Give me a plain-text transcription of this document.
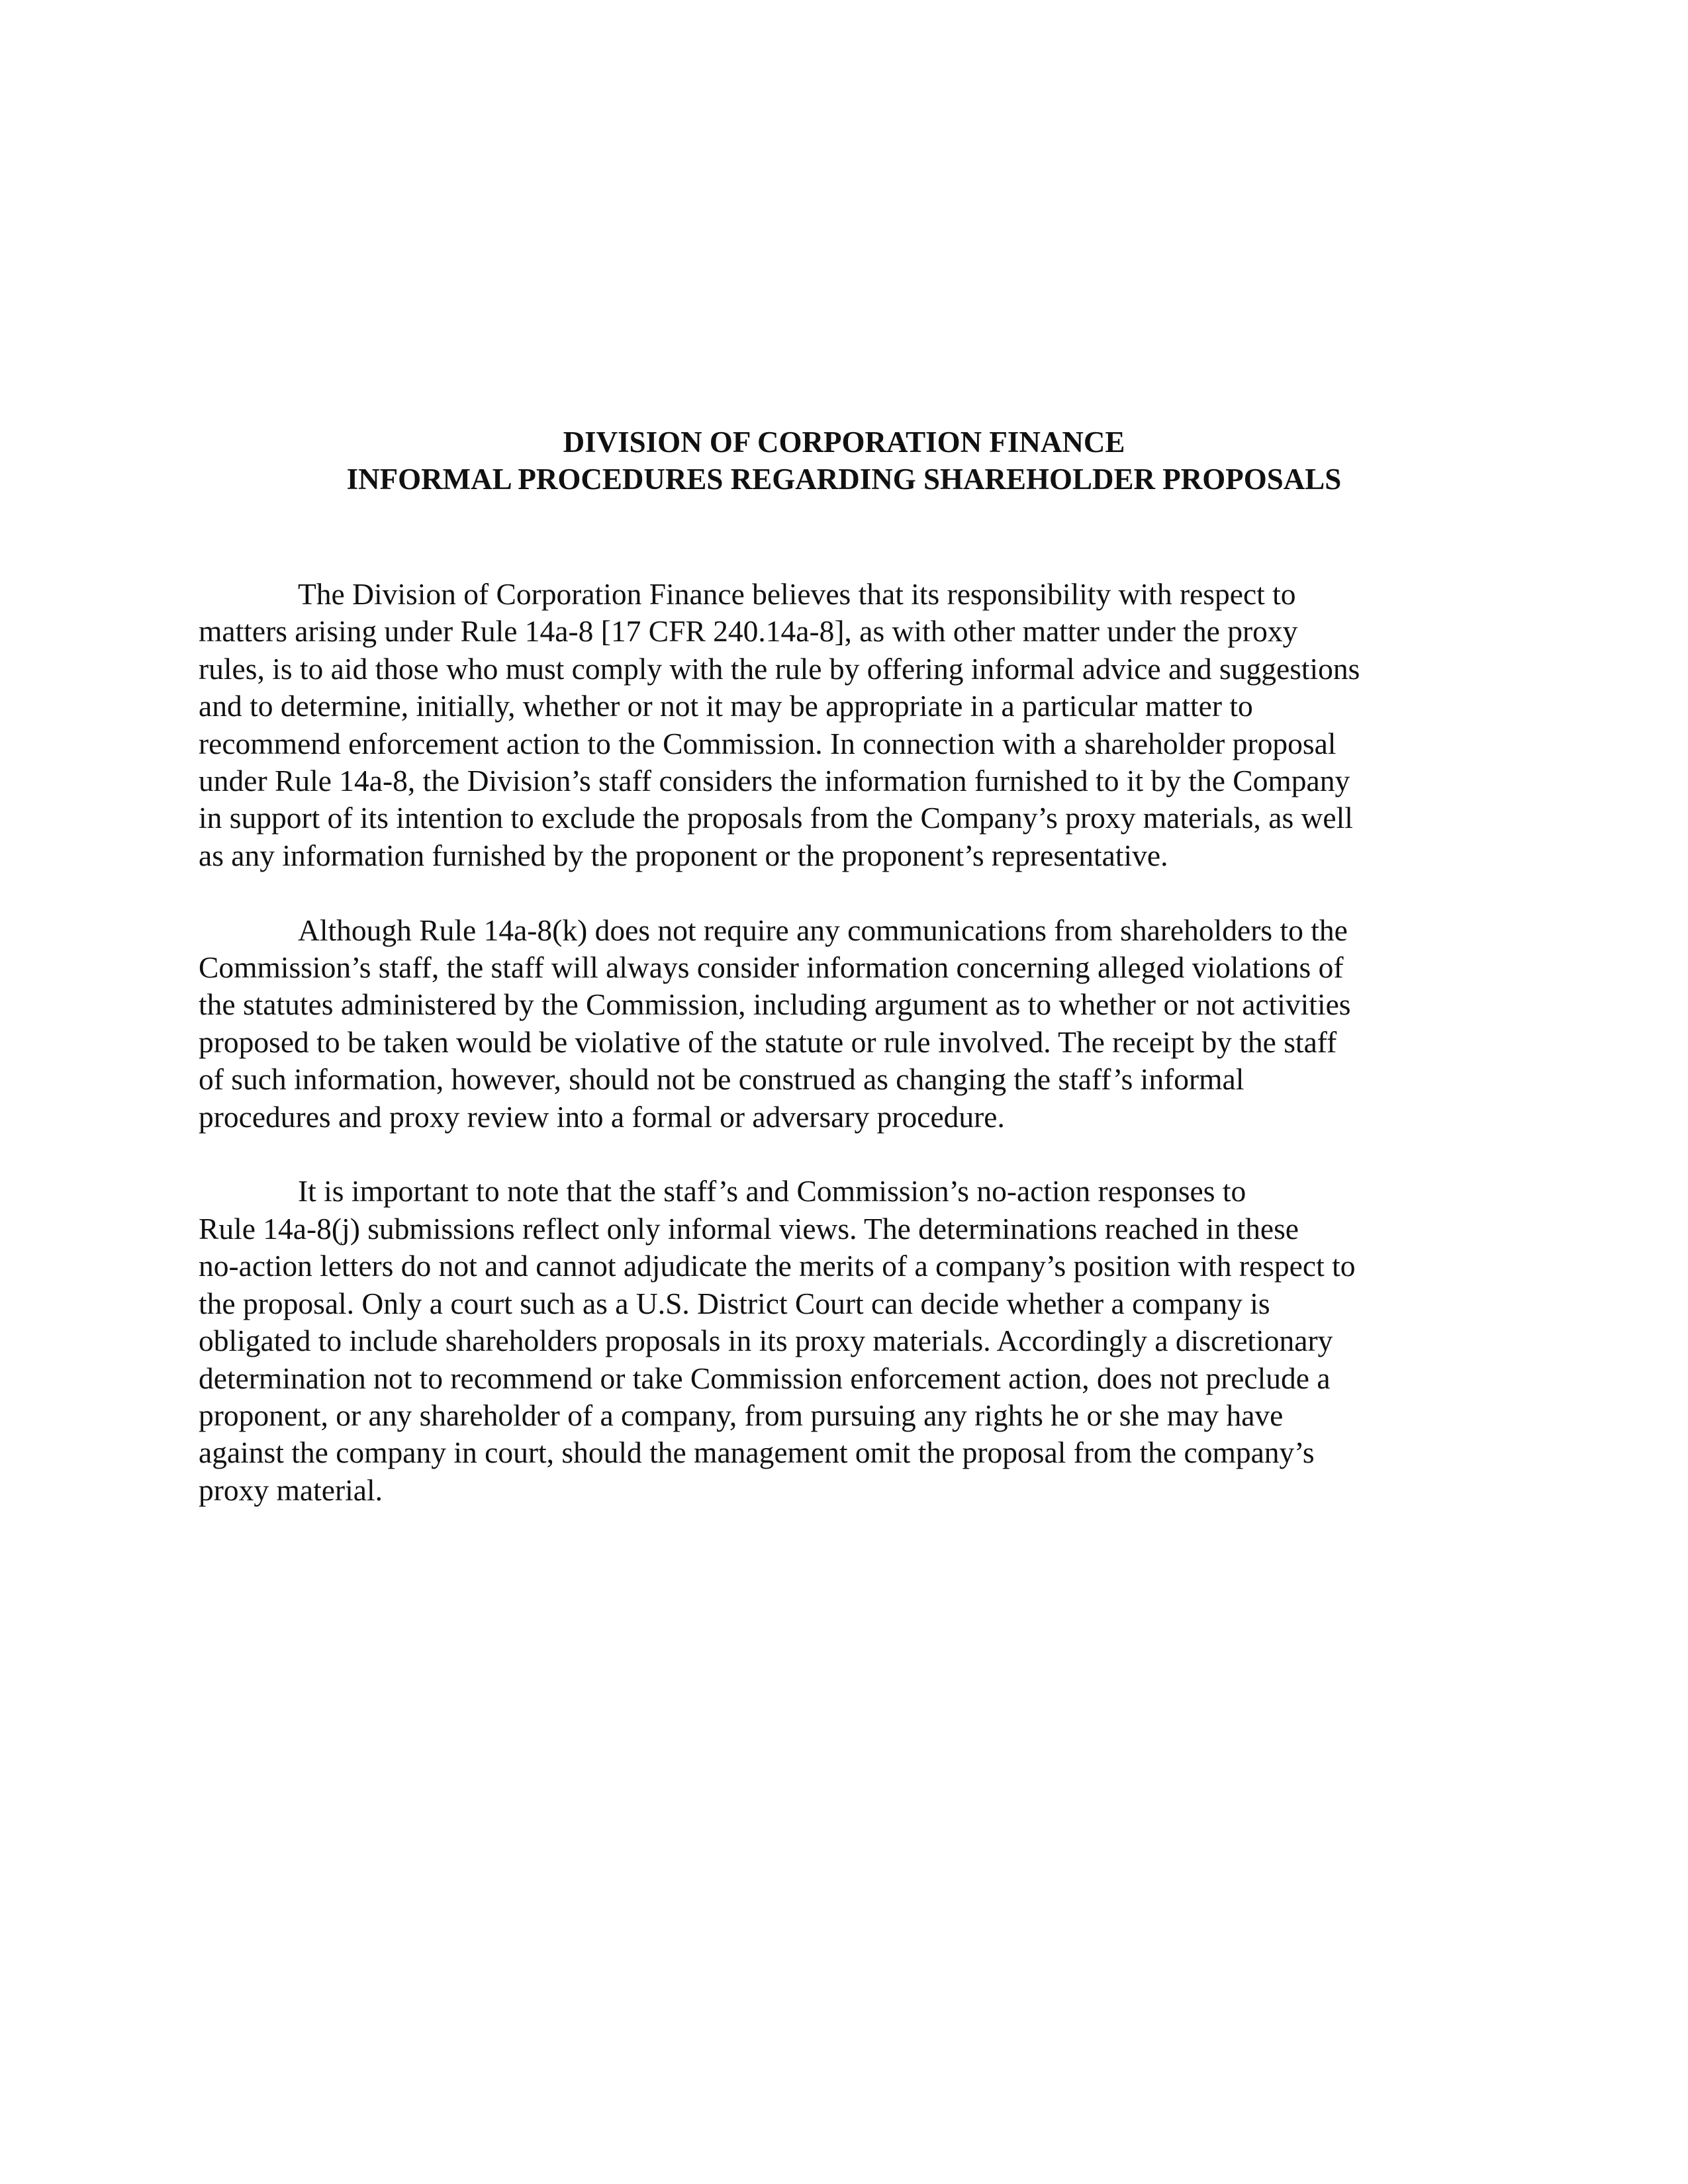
DIVISION OF CORPORATION FINANCE

INFORMAL PROCEDURES REGARDING SHAREHOLDER PROPOSALS

The Division of Corporation Finance believes that its responsibility with respect to
matters arising under Rule 14a-8 [17 CFR 240.14a-8], as with other matter under the proxy
rules, is to aid those who must comply with the rule by offering informal advice and suggestions
and to determine, initially, whether or not it may be appropriate in a particular matter to
recommend enforcement action to the Commission. In connection with a shareholder proposal
under Rule 14a-8, the Division’s staff considers the information furnished to it by the Company
in support of its intention to exclude the proposals from the Company’s proxy materials, as well
as any information furnished by the proponent or the proponent’s representative.

Although Rule 14a-8(k) does not require any communications from shareholders to the
Commission’s staff, the staff will always consider information concerning alleged violations of
the statutes administered by the Commission, including argument as to whether or not activities
proposed to be taken would be violative of the statute or rule involved. The receipt by the staff
of such information, however, should not be construed as changing the staff’s informal
procedures and proxy review into a formal or adversary procedure.

It is important to note that the staff’s and Commission’s no-action responses to
Rule 14a-8(j) submissions reflect only informal views. The determinations reached in these
no-action letters do not and cannot adjudicate the merits of a company’s position with respect to
the proposal. Only a court such as a U.S. District Court can decide whether a company is
obligated to include shareholders proposals in its proxy materials. Accordingly a discretionary
determination not to recommend or take Commission enforcement action, does not preclude a
proponent, or any shareholder of a company, from pursuing any rights he or she may have
against the company in court, should the management omit the proposal from the company’s
proxy material.
